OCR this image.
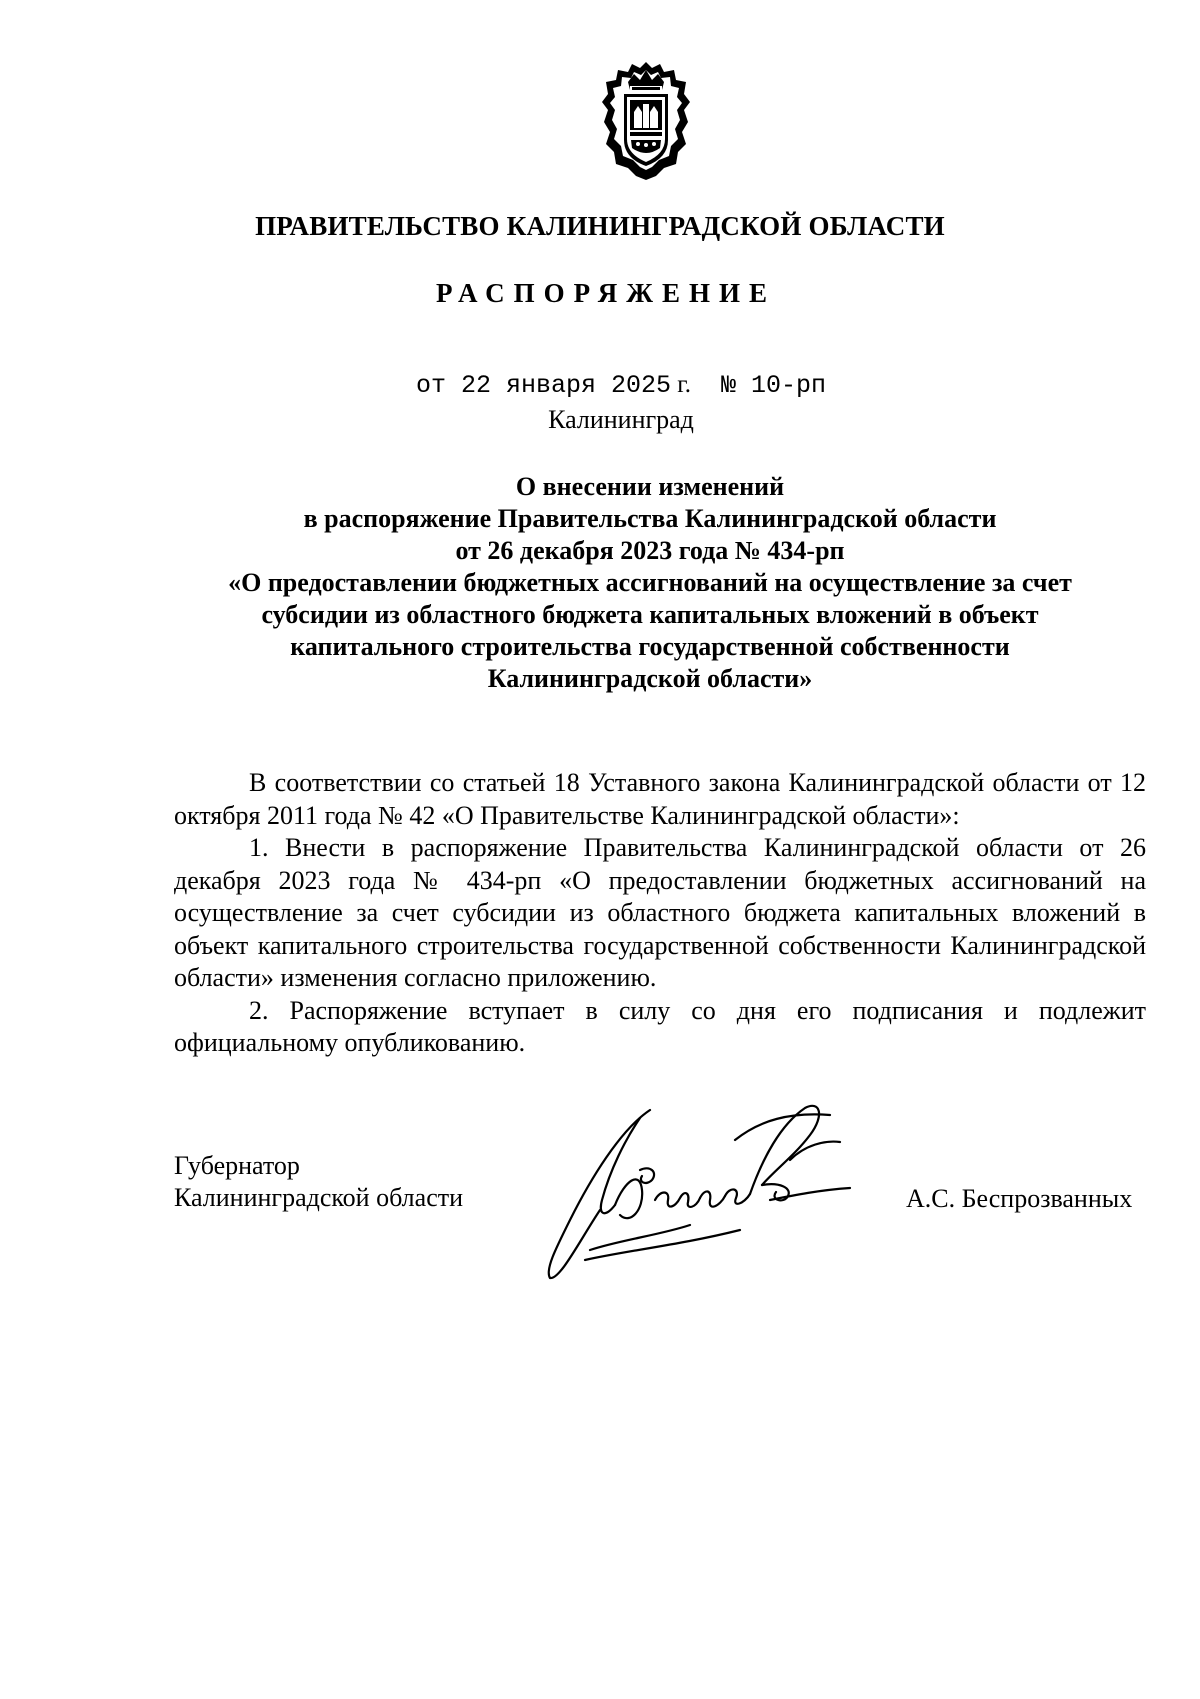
ПРАВИТЕЛЬСТВО КАЛИНИНГРАДСКОЙ ОБЛАСТИ
РАСПОРЯЖЕНИЕ
от 22 января 2025 г. № 10-рп
Калининград
О внесении изменений
в распоряжение Правительства Калининградской области
от 26 декабря 2023 года № 434-рп
«О предоставлении бюджетных ассигнований на осуществление за счет
субсидии из областного бюджета капитальных вложений в объект
капитального строительства государственной собственности
Калининградской области»

В соответствии со статьей 18 Уставного закона Калининградской области от 12 октября 2011 года № 42 «О Правительстве Калининградской области»:

1. Внести в распоряжение Правительства Калининградской области от 26 декабря 2023 года № 434-рп «О предоставлении бюджетных ассигнований на осуществление за счет субсидии из областного бюджета капитальных вложений в объект капитального строительства государственной собственности Калининградской области» изменения согласно приложению.

2. Распоряжение вступает в силу со дня его подписания и подлежит официальному опубликованию.

Губернатор
Калининградской области	А.С. Беспрозванных
